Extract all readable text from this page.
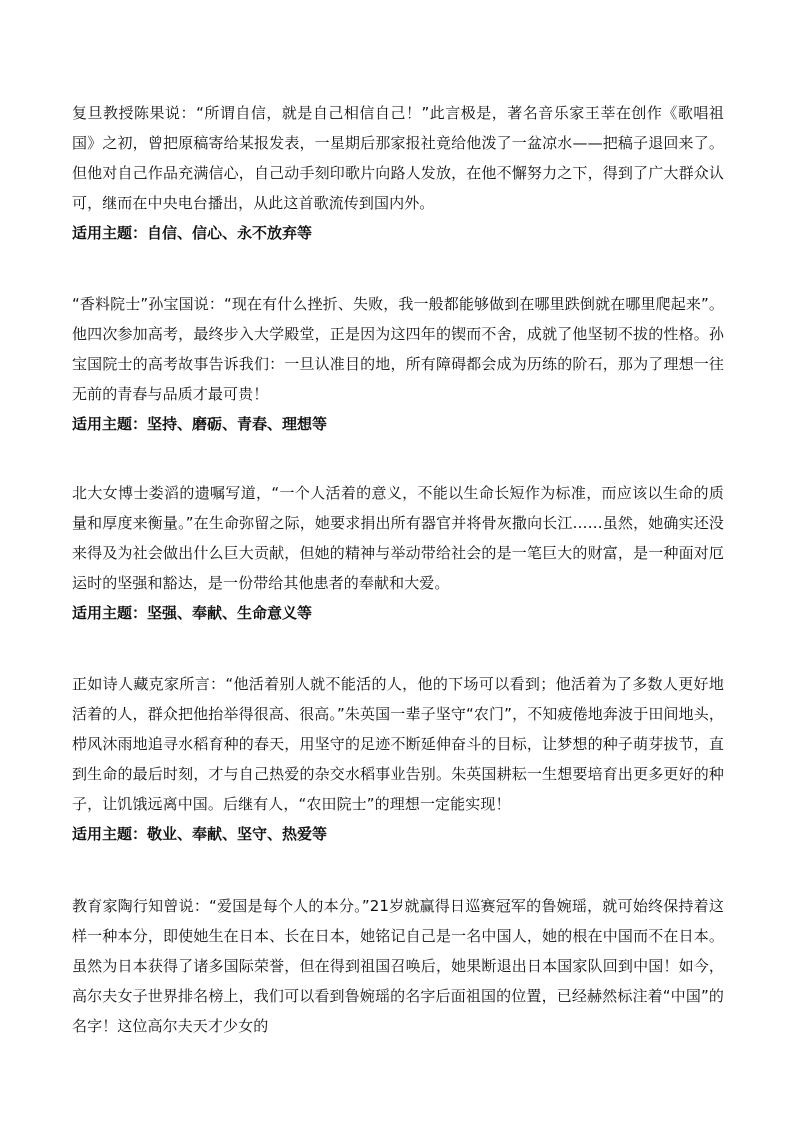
复旦教授陈果说：“所谓自信，就是自己相信自己！”此言极是，著名音乐家王莘在创作《歌唱祖国》之初，曾把原稿寄给某报发表，一星期后那家报社竟给他泼了一盆凉水——把稿子退回来了。但他对自己作品充满信心，自己动手刻印歌片向路人发放，在他不懈努力之下，得到了广大群众认可，继而在中央电台播出，从此这首歌流传到国内外。

适用主题：自信、信心、永不放弃等

“香料院士”孙宝国说：“现在有什么挫折、失败，我一般都能够做到在哪里跌倒就在哪里爬起来”。他四次参加高考，最终步入大学殿堂，正是因为这四年的锲而不舍，成就了他坚韧不拔的性格。孙宝国院士的高考故事告诉我们：一旦认准目的地，所有障碍都会成为历练的阶石，那为了理想一往无前的青春与品质才最可贵！

适用主题：坚持、磨砺、青春、理想等

北大女博士娄滔的遗嘱写道，“一个人活着的意义，不能以生命长短作为标准，而应该以生命的质量和厚度来衡量。”在生命弥留之际，她要求捐出所有器官并将骨灰撒向长江……虽然，她确实还没来得及为社会做出什么巨大贡献，但她的精神与举动带给社会的是一笔巨大的财富，是一种面对厄运时的坚强和豁达，是一份带给其他患者的奉献和大爱。

适用主题：坚强、奉献、生命意义等

正如诗人藏克家所言：“他活着别人就不能活的人，他的下场可以看到；他活着为了多数人更好地活着的人，群众把他抬举得很高、很高。”朱英国一辈子坚守“农门”，不知疲倦地奔波于田间地头，栉风沐雨地追寻水稻育种的春天，用坚守的足迹不断延伸奋斗的目标，让梦想的种子萌芽拔节，直到生命的最后时刻，才与自己热爱的杂交水稻事业告别。朱英国耕耘一生想要培育出更多更好的种子，让饥饿远离中国。后继有人，“农田院士”的理想一定能实现！

适用主题：敬业、奉献、坚守、热爱等

教育家陶行知曾说：“爱国是每个人的本分。”21岁就赢得日巡赛冠军的鲁婉瑶，就可始终保持着这样一种本分，即使她生在日本、长在日本，她铭记自己是一名中国人，她的根在中国而不在日本。虽然为日本获得了诸多国际荣誉，但在得到祖国召唤后，她果断退出日本国家队回到中国！如今，高尔夫女子世界排名榜上，我们可以看到鲁婉瑶的名字后面祖国的位置，已经赫然标注着“中国”的名字！这位高尔夫天才少女的
